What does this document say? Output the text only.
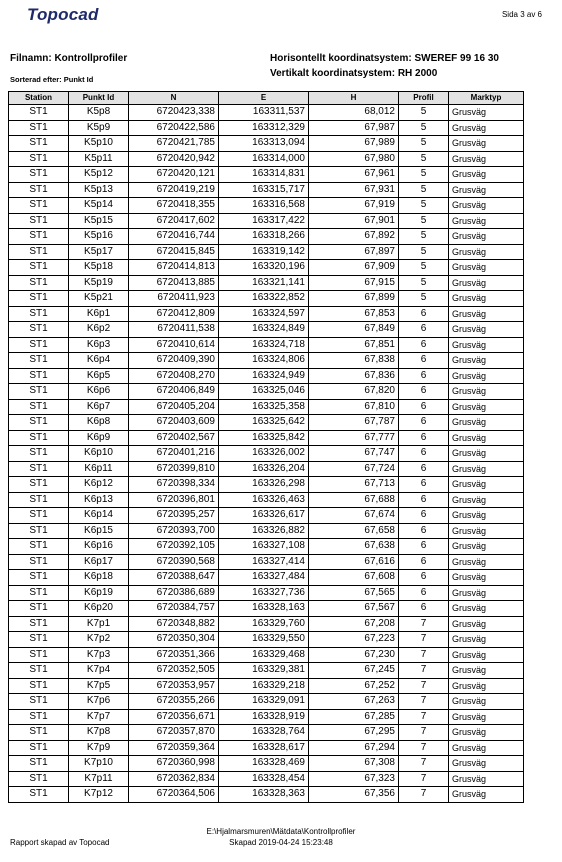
Topocad	Sida 3 av 6
Filnamn: Kontrollprofiler
Sorterad efter: Punkt Id
Horisontellt koordinatsystem: SWEREF 99 16 30
Vertikalt koordinatsystem: RH 2000
Station	Punkt Id	N	E	H	Profil	Marktyp
ST1	K5p8	6720423,338	163311,537	68,012	5	Grusväg
ST1	K5p9	6720422,586	163312,329	67,987	5	Grusväg
ST1	K5p10	6720421,785	163313,094	67,989	5	Grusväg
ST1	K5p11	6720420,942	163314,000	67,980	5	Grusväg
ST1	K5p12	6720420,121	163314,831	67,961	5	Grusväg
ST1	K5p13	6720419,219	163315,717	67,931	5	Grusväg
ST1	K5p14	6720418,355	163316,568	67,919	5	Grusväg
ST1	K5p15	6720417,602	163317,422	67,901	5	Grusväg
ST1	K5p16	6720416,744	163318,266	67,892	5	Grusväg
ST1	K5p17	6720415,845	163319,142	67,897	5	Grusväg
ST1	K5p18	6720414,813	163320,196	67,909	5	Grusväg
ST1	K5p19	6720413,885	163321,141	67,915	5	Grusväg
ST1	K5p21	6720411,923	163322,852	67,899	5	Grusväg
ST1	K6p1	6720412,809	163324,597	67,853	6	Grusväg
ST1	K6p2	6720411,538	163324,849	67,849	6	Grusväg
ST1	K6p3	6720410,614	163324,718	67,851	6	Grusväg
ST1	K6p4	6720409,390	163324,806	67,838	6	Grusväg
ST1	K6p5	6720408,270	163324,949	67,836	6	Grusväg
ST1	K6p6	6720406,849	163325,046	67,820	6	Grusväg
ST1	K6p7	6720405,204	163325,358	67,810	6	Grusväg
ST1	K6p8	6720403,609	163325,642	67,787	6	Grusväg
ST1	K6p9	6720402,567	163325,842	67,777	6	Grusväg
ST1	K6p10	6720401,216	163326,002	67,747	6	Grusväg
ST1	K6p11	6720399,810	163326,204	67,724	6	Grusväg
ST1	K6p12	6720398,334	163326,298	67,713	6	Grusväg
ST1	K6p13	6720396,801	163326,463	67,688	6	Grusväg
ST1	K6p14	6720395,257	163326,617	67,674	6	Grusväg
ST1	K6p15	6720393,700	163326,882	67,658	6	Grusväg
ST1	K6p16	6720392,105	163327,108	67,638	6	Grusväg
ST1	K6p17	6720390,568	163327,414	67,616	6	Grusväg
ST1	K6p18	6720388,647	163327,484	67,608	6	Grusväg
ST1	K6p19	6720386,689	163327,736	67,565	6	Grusväg
ST1	K6p20	6720384,757	163328,163	67,567	6	Grusväg
ST1	K7p1	6720348,882	163329,760	67,208	7	Grusväg
ST1	K7p2	6720350,304	163329,550	67,223	7	Grusväg
ST1	K7p3	6720351,366	163329,468	67,230	7	Grusväg
ST1	K7p4	6720352,505	163329,381	67,245	7	Grusväg
ST1	K7p5	6720353,957	163329,218	67,252	7	Grusväg
ST1	K7p6	6720355,266	163329,091	67,263	7	Grusväg
ST1	K7p7	6720356,671	163328,919	67,285	7	Grusväg
ST1	K7p8	6720357,870	163328,764	67,295	7	Grusväg
ST1	K7p9	6720359,364	163328,617	67,294	7	Grusväg
ST1	K7p10	6720360,998	163328,469	67,308	7	Grusväg
ST1	K7p11	6720362,834	163328,454	67,323	7	Grusväg
ST1	K7p12	6720364,506	163328,363	67,356	7	Grusväg
Rapport skapad av Topocad
E:\Hjalmarsmuren\Mätdata\Kontrollprofiler
Skapad 2019-04-24 15:23:48
